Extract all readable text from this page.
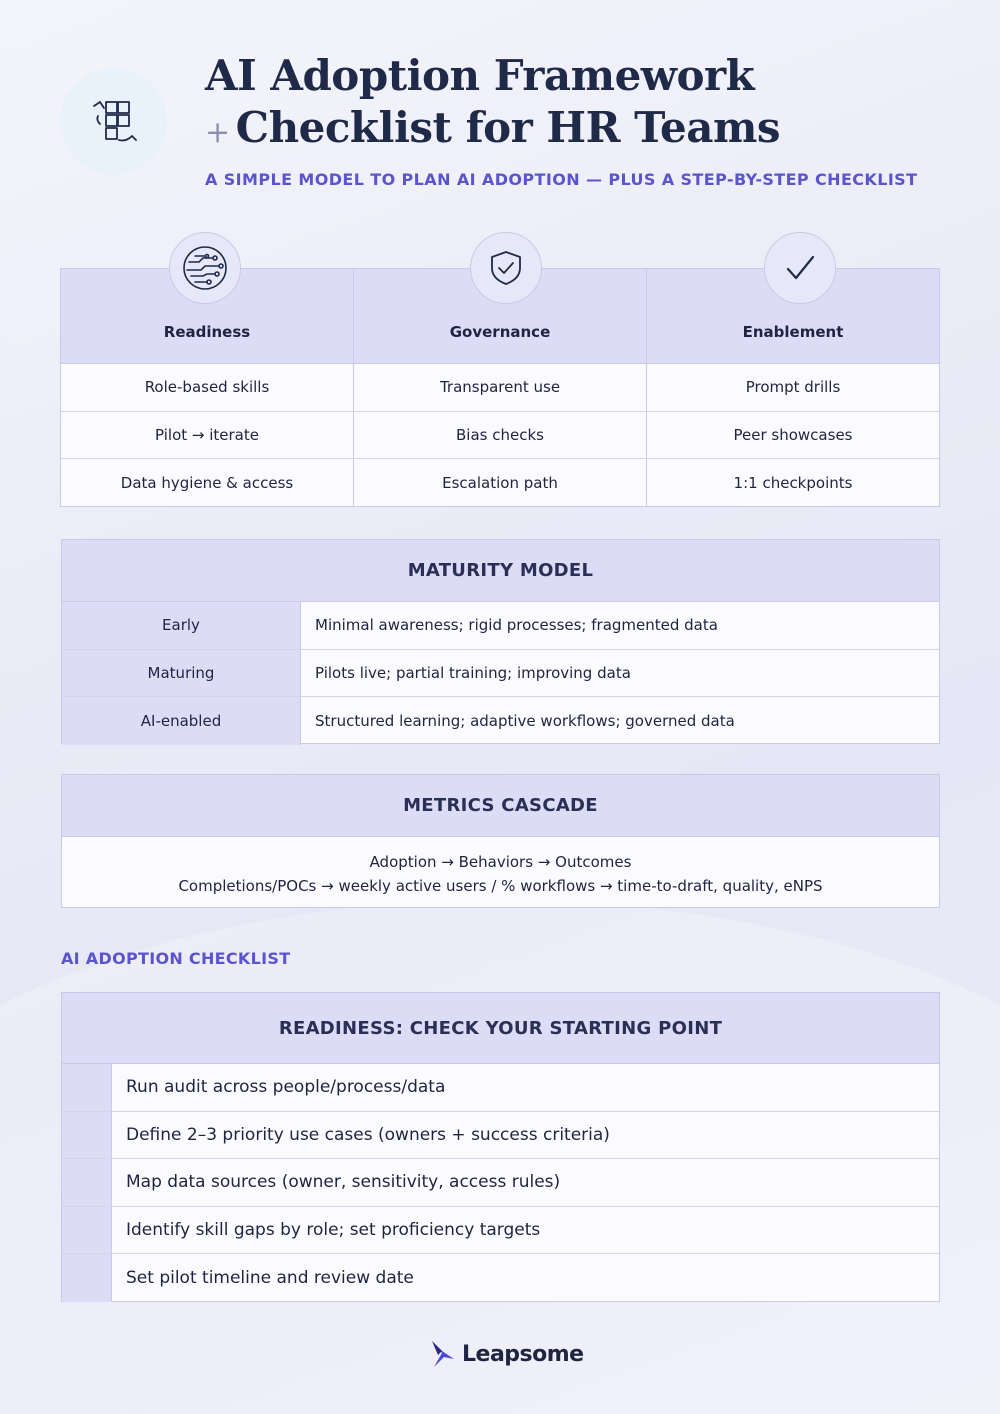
AI Adoption Framework
+ Checklist for HR Teams
A SIMPLE MODEL TO PLAN AI ADOPTION — PLUS A STEP-BY-STEP CHECKLIST
Readiness	Governance	Enablement
Role-based skills	Transparent use	Prompt drills
Pilot → iterate	Bias checks	Peer showcases
Data hygiene & access	Escalation path	1:1 checkpoints
MATURITY MODEL
Early	Minimal awareness; rigid processes; fragmented data
Maturing	Pilots live; partial training; improving data
AI-enabled	Structured learning; adaptive workflows; governed data
METRICS CASCADE
Adoption → Behaviors → Outcomes
Completions/POCs → weekly active users / % workflows → time-to-draft, quality, eNPS
AI ADOPTION CHECKLIST
READINESS: CHECK YOUR STARTING POINT
Run audit across people/process/data
Define 2–3 priority use cases (owners + success criteria)
Map data sources (owner, sensitivity, access rules)
Identify skill gaps by role; set proficiency targets
Set pilot timeline and review date
Leapsome
